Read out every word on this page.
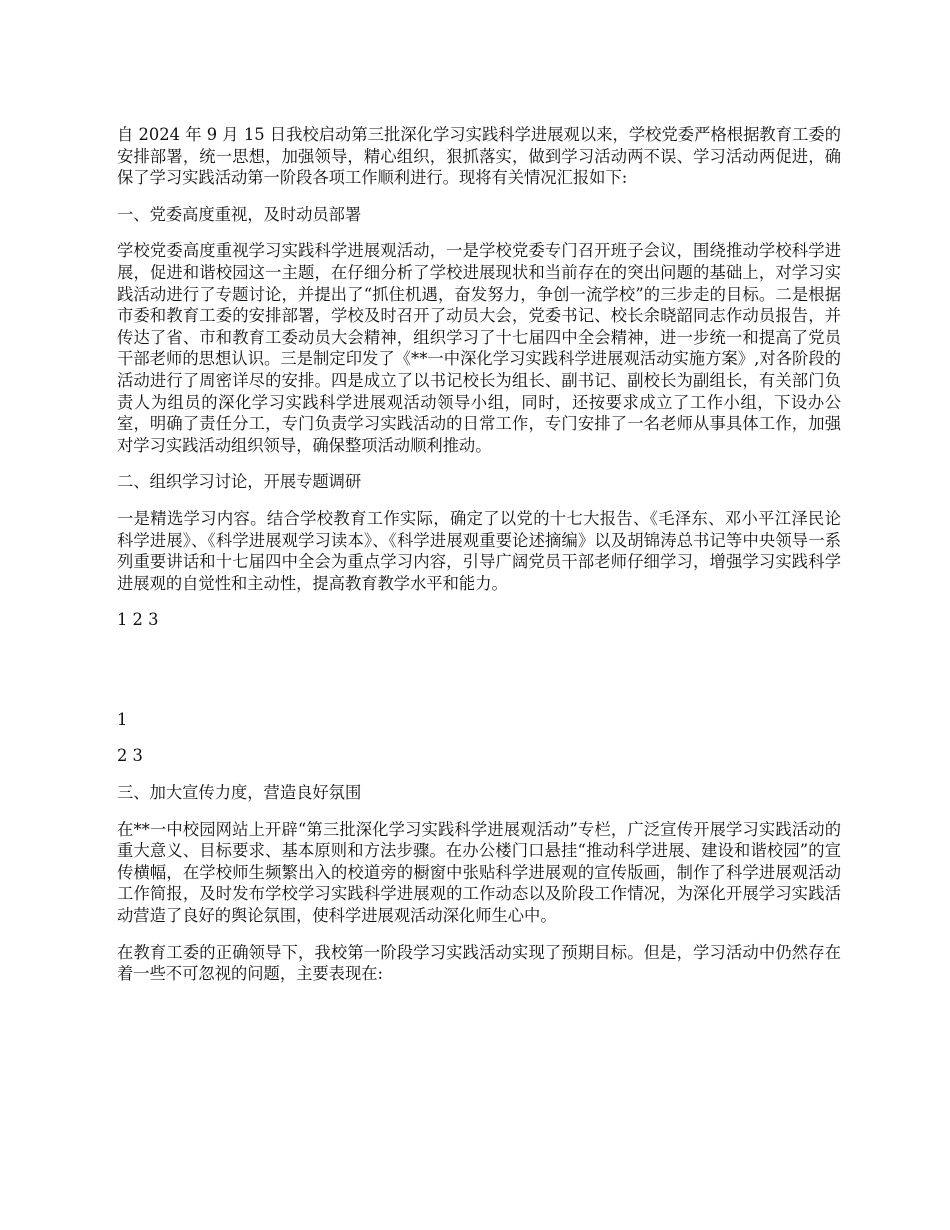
自 2024 年 9 月 15 日我校启动第三批深化学习实践科学进展观以来，学校党委严格根据教育工委的安排部署，统一思想，加强领导，精心组织，狠抓落实，做到学习活动两不误、学习活动两促进，确保了学习实践活动第一阶段各项工作顺利进行。现将有关情况汇报如下:

一、党委高度重视，及时动员部署

学校党委高度重视学习实践科学进展观活动，一是学校党委专门召开班子会议，围绕推动学校科学进展，促进和谐校园这一主题，在仔细分析了学校进展现状和当前存在的突出问题的基础上，对学习实践活动进行了专题讨论，并提出了“抓住机遇，奋发努力，争创一流学校”的三步走的目标。二是根据市委和教育工委的安排部署，学校及时召开了动员大会，党委书记、校长余晓韶同志作动员报告，并传达了省、市和教育工委动员大会精神，组织学习了十七届四中全会精神，进一步统一和提高了党员干部老师的思想认识。三是制定印发了《**一中深化学习实践科学进展观活动实施方案》,对各阶段的活动进行了周密详尽的安排。四是成立了以书记校长为组长、副书记、副校长为副组长，有关部门负责人为组员的深化学习实践科学进展观活动领导小组，同时，还按要求成立了工作小组，下设办公室，明确了责任分工，专门负责学习实践活动的日常工作，专门安排了一名老师从事具体工作，加强对学习实践活动组织领导，确保整项活动顺利推动。

二、组织学习讨论，开展专题调研

一是精选学习内容。结合学校教育工作实际，确定了以党的十七大报告、《毛泽东、邓小平江泽民论科学进展》、《科学进展观学习读本》、《科学进展观重要论述摘编》以及胡锦涛总书记等中央领导一系列重要讲话和十七届四中全会为重点学习内容，引导广阔党员干部老师仔细学习，增强学习实践科学进展观的自觉性和主动性，提高教育教学水平和能力。

1 2 3

1

2 3

三、加大宣传力度，营造良好氛围

在**一中校园网站上开辟“第三批深化学习实践科学进展观活动”专栏，广泛宣传开展学习实践活动的重大意义、目标要求、基本原则和方法步骤。在办公楼门口悬挂“推动科学进展、建设和谐校园”的宣传横幅，在学校师生频繁出入的校道旁的橱窗中张贴科学进展观的宣传版画，制作了科学进展观活动工作简报，及时发布学校学习实践科学进展观的工作动态以及阶段工作情况，为深化开展学习实践活动营造了良好的舆论氛围，使科学进展观活动深化师生心中。

在教育工委的正确领导下，我校第一阶段学习实践活动实现了预期目标。但是，学习活动中仍然存在着一些不可忽视的问题，主要表现在:
